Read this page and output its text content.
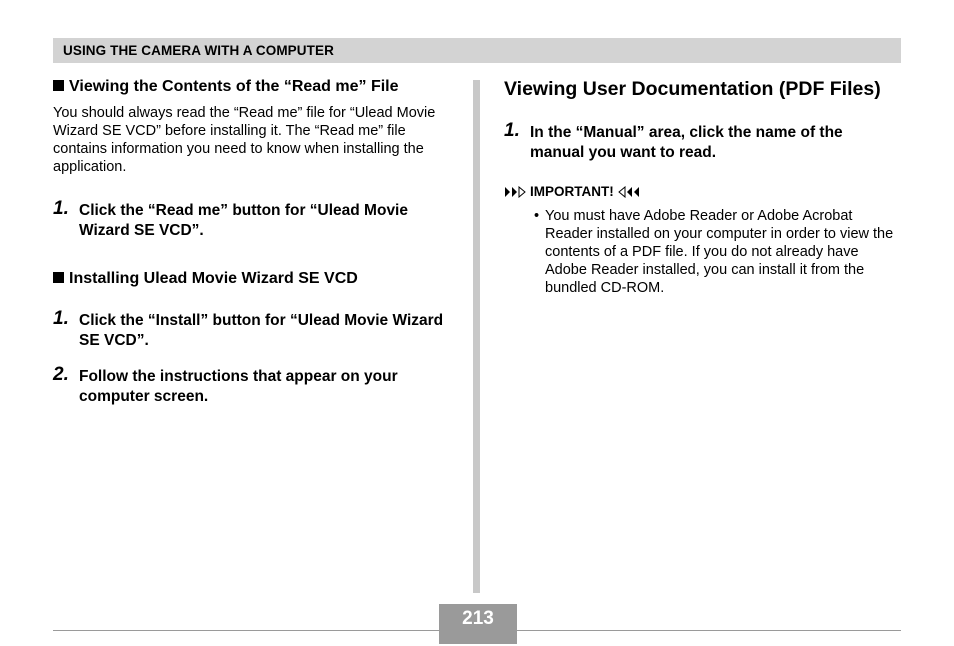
USING THE CAMERA WITH A COMPUTER
Viewing the Contents of the “Read me” File
You should always read the “Read me” file for “Ulead Movie Wizard SE VCD” before installing it. The “Read me” file contains information you need to know when installing the application.
1. Click the “Read me” button for “Ulead Movie Wizard SE VCD”.
Installing Ulead Movie Wizard SE VCD
1. Click the “Install” button for “Ulead Movie Wizard SE VCD”.
2. Follow the instructions that appear on your computer screen.
Viewing User Documentation (PDF Files)
1. In the “Manual” area, click the name of the manual you want to read.
IMPORTANT!
• You must have Adobe Reader or Adobe Acrobat Reader installed on your computer in order to view the contents of a PDF file. If you do not already have Adobe Reader installed, you can install it from the bundled CD-ROM.
213
